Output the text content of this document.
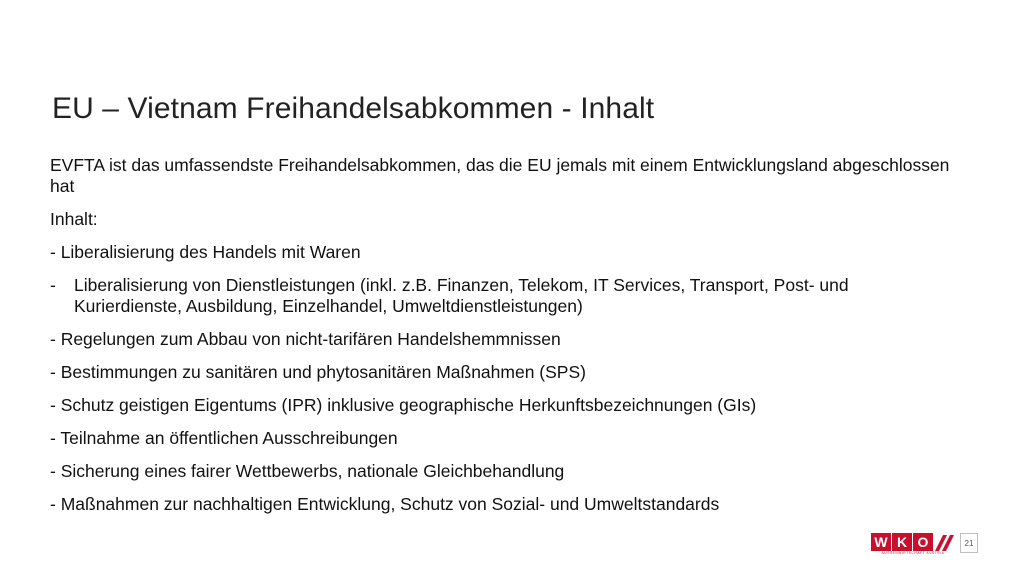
EU – Vietnam Freihandelsabkommen - Inhalt
EVFTA ist das umfassendste Freihandelsabkommen, das die EU jemals mit einem Entwicklungsland abgeschlossen hat
Inhalt:
- Liberalisierung des Handels mit Waren
-	Liberalisierung von Dienstleistungen (inkl. z.B. Finanzen, Telekom, IT Services, Transport, Post- und Kurierdienste, Ausbildung, Einzelhandel, Umweltdienstleistungen)
- Regelungen zum Abbau von nicht-tarifären Handelshemmnissen
- Bestimmungen zu sanitären und phytosanitären Maßnahmen (SPS)
- Schutz geistigen Eigentums (IPR) inklusive geographische Herkunftsbezeichnungen (GIs)
- Teilnahme an öffentlichen Ausschreibungen
- Sicherung eines fairer Wettbewerbs, nationale Gleichbehandlung
- Maßnahmen zur nachhaltigen Entwicklung, Schutz von Sozial- und Umweltstandards
W K O
AUSSENWIRTSCHAFT AUSTRIA
21
